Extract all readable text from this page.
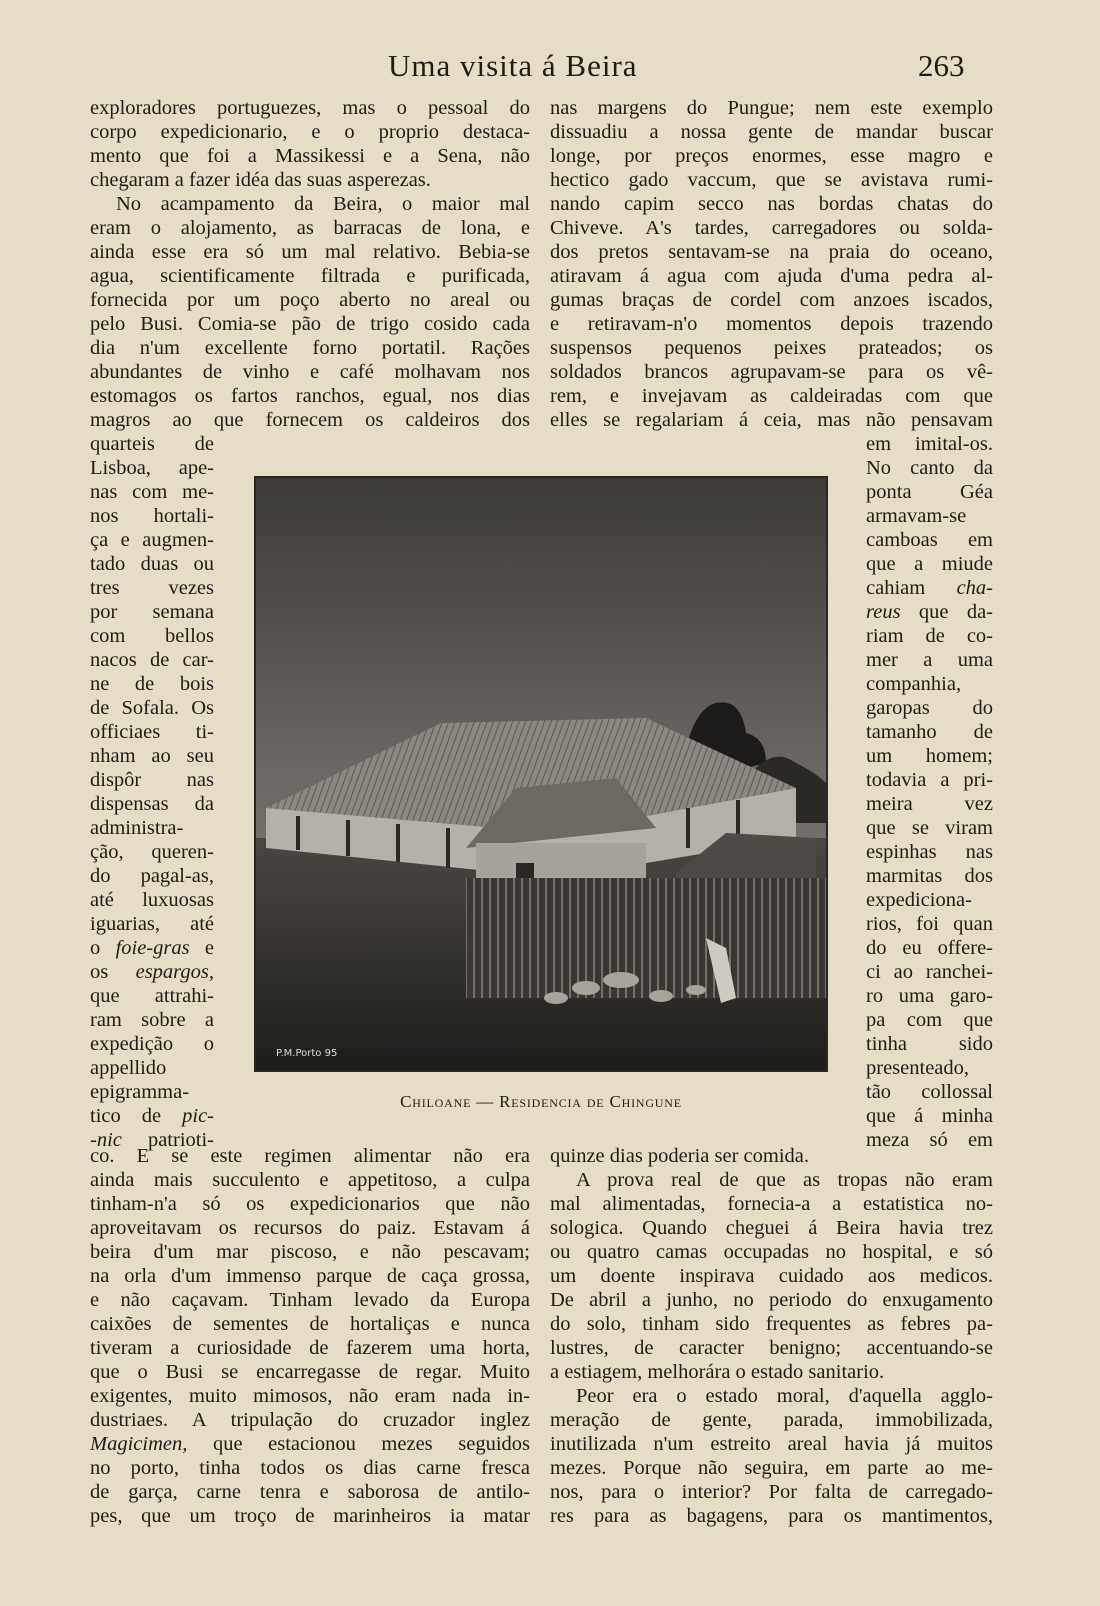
Uma visita á Beira	263

exploradores portuguezes, mas o pessoal do

corpo expedicionario, e o proprio destaca-

mento que foi a Massikessi e a Sena, não

chegaram a fazer idéa das suas asperezas.

No acampamento da Beira, o maior mal

eram o alojamento, as barracas de lona, e

ainda esse era só um mal relativo. Bebia-se

agua, scientificamente filtrada e purificada,

fornecida por um poço aberto no areal ou

pelo Busi. Comia-se pão de trigo cosido cada

dia n'um excellente forno portatil. Rações

abundantes de vinho e café molhavam nos

estomagos os fartos ranchos, egual, nos dias

magros ao que fornecem os caldeiros dos

quarteis de

Lisboa, ape-

nas com me-

nos hortali-

ça e augmen-

tado duas ou

tres vezes

por semana

com bellos

nacos de car-

ne de bois

de Sofala. Os

officiaes ti-

nham ao seu

dispôr nas

dispensas da

administra-

ção, queren-

do pagal-as,

até luxuosas

iguarias, até

o foie-gras e

os espargos,

que attrahi-

ram sobre a

expedição o

appellido

epigramma-

tico de pic-

-nic patrioti-

P.M.Porto 95
Chiloane — Residencia de Chingune

co. E se este regimen alimentar não era

ainda mais succulento e appetitoso, a culpa

tinham-n'a só os expedicionarios que não

aproveitavam os recursos do paiz. Estavam á

beira d'um mar piscoso, e não pescavam;

na orla d'um immenso parque de caça grossa,

e não caçavam. Tinham levado da Europa

caixões de sementes de hortaliças e nunca

tiveram a curiosidade de fazerem uma horta,

que o Busi se encarregasse de regar. Muito

exigentes, muito mimosos, não eram nada in-

dustriaes. A tripulação do cruzador inglez

Magicimen, que estacionou mezes seguidos

no porto, tinha todos os dias carne fresca

de garça, carne tenra e saborosa de antilo-

pes, que um troço de marinheiros ia matar

nas margens do Pungue; nem este exemplo

dissuadiu a nossa gente de mandar buscar

longe, por preços enormes, esse magro e

hectico gado vaccum, que se avistava rumi-

nando capim secco nas bordas chatas do

Chiveve. A's tardes, carregadores ou solda-

dos pretos sentavam-se na praia do oceano,

atiravam á agua com ajuda d'uma pedra al-

gumas braças de cordel com anzoes iscados,

e retiravam-n'o momentos depois trazendo

suspensos pequenos peixes prateados; os

soldados brancos agrupavam-se para os vê-

rem, e invejavam as caldeiradas com que

elles se regalariam á ceia, mas não pensavam

em imital-os.

No canto da

ponta Géa

armavam-se

camboas em

que a miude

cahiam cha-

reus que da-

riam de co-

mer a uma

companhia,

garopas do

tamanho de

um homem;

todavia a pri-

meira vez

que se viram

espinhas nas

marmitas dos

expediciona-

rios, foi quan

do eu offere-

ci ao ranchei-

ro uma garo-

pa com que

tinha sido

presenteado,

tão collossal

que á minha

meza só em

quinze dias poderia ser comida.

A prova real de que as tropas não eram

mal alimentadas, fornecia-a a estatistica no-

sologica. Quando cheguei á Beira havia trez

ou quatro camas occupadas no hospital, e só

um doente inspirava cuidado aos medicos.

De abril a junho, no periodo do enxugamento

do solo, tinham sido frequentes as febres pa-

lustres, de caracter benigno; accentuando-se

a estiagem, melhorára o estado sanitario.

Peor era o estado moral, d'aquella agglo-

meração de gente, parada, immobilizada,

inutilizada n'um estreito areal havia já muitos

mezes. Porque não seguira, em parte ao me-

nos, para o interior? Por falta de carregado-

res para as bagagens, para os mantimentos,
